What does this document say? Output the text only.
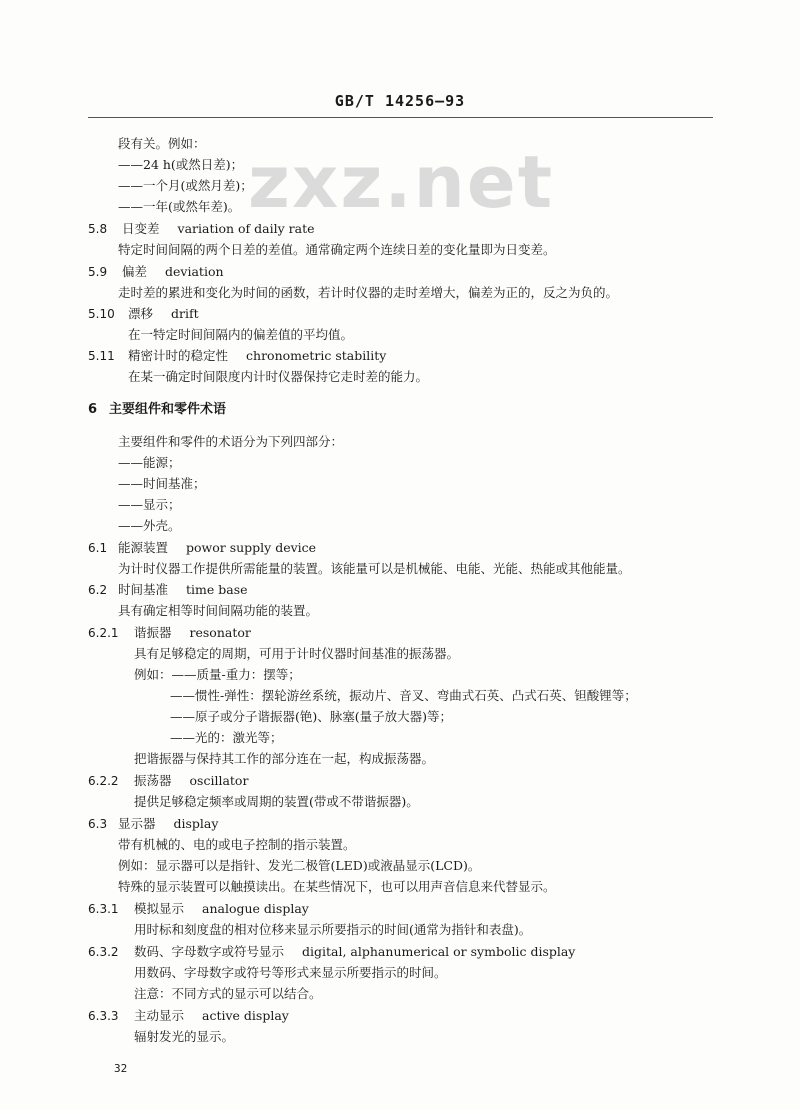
GB/T 14256—93
zxz.net
段有关。例如：
——24 h(或然日差)；
——一个月(或然月差)；
——一年(或然年差)。
5.8 日变差 variation of daily rate
特定时间间隔的两个日差的差值。通常确定两个连续日差的变化量即为日变差。
5.9 偏差 deviation
走时差的累进和变化为时间的函数，若计时仪器的走时差增大，偏差为正的，反之为负的。
5.10 漂移 drift
在一特定时间间隔内的偏差值的平均值。
5.11 精密计时的稳定性 chronometric stability
在某一确定时间限度内计时仪器保持它走时差的能力。
6 主要组件和零件术语
主要组件和零件的术语分为下列四部分：
——能源；
——时间基准；
——显示；
——外壳。
6.1 能源装置 powor supply device
为计时仪器工作提供所需能量的装置。该能量可以是机械能、电能、光能、热能或其他能量。
6.2 时间基准 time base
具有确定相等时间间隔功能的装置。
6.2.1 谐振器 resonator
具有足够稳定的周期，可用于计时仪器时间基准的振荡器。
例如：——质量-重力：摆等；
——惯性-弹性：摆轮游丝系统，振动片、音叉、弯曲式石英、凸式石英、钽酸锂等；
——原子或分子谐振器(铯)、脉塞(量子放大器)等；
——光的：激光等；
把谐振器与保持其工作的部分连在一起，构成振荡器。
6.2.2 振荡器 oscillator
提供足够稳定频率或周期的装置(带或不带谐振器)。
6.3 显示器 display
带有机械的、电的或电子控制的指示装置。
例如：显示器可以是指针、发光二极管(LED)或液晶显示(LCD)。
特殊的显示装置可以触摸读出。在某些情况下，也可以用声音信息来代替显示。
6.3.1 模拟显示 analogue display
用时标和刻度盘的相对位移来显示所要指示的时间(通常为指针和表盘)。
6.3.2 数码、字母数字或符号显示 digital, alphanumerical or symbolic display
用数码、字母数字或符号等形式来显示所要指示的时间。
注意：不同方式的显示可以结合。
6.3.3 主动显示 active display
辐射发光的显示。
32
